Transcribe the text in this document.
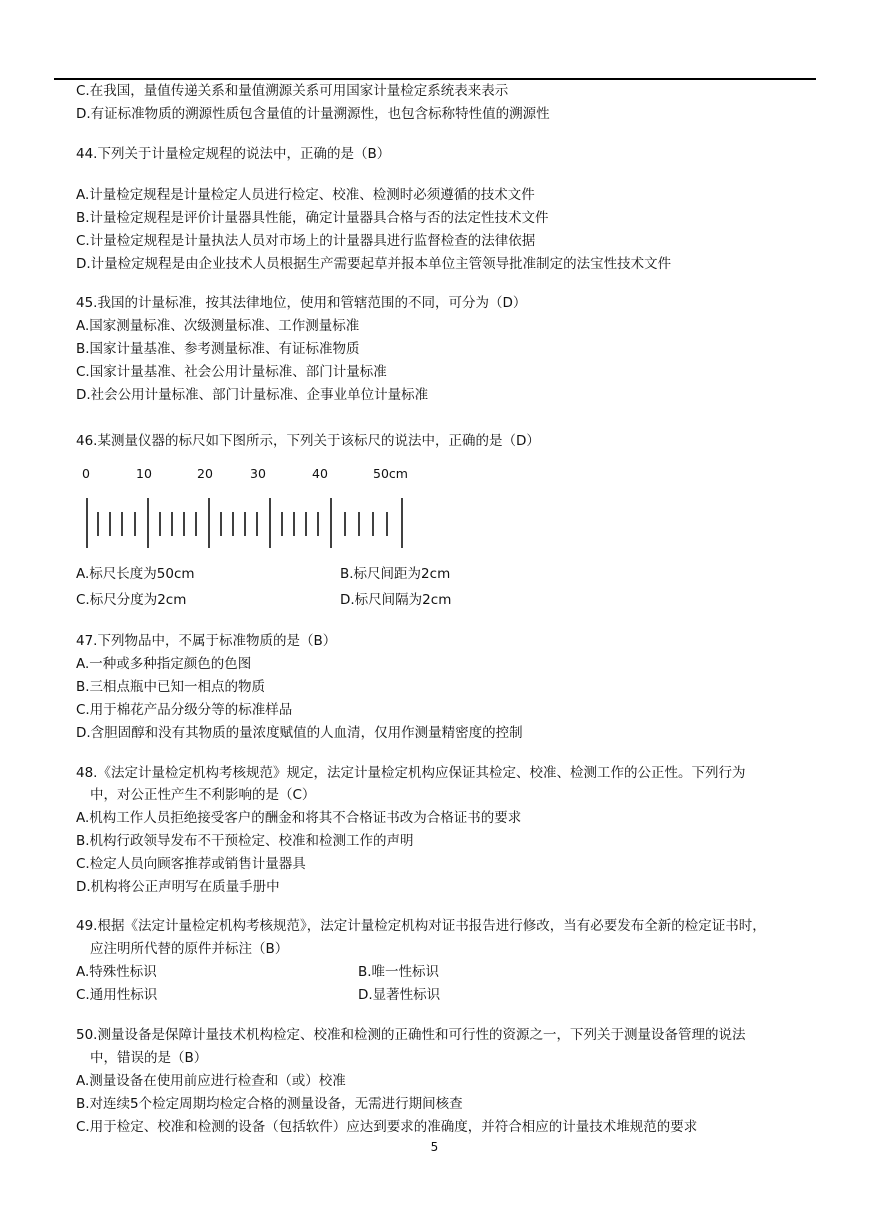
C.在我国，量值传递关系和量值溯源关系可用国家计量检定系统表来表示
D.有证标准物质的溯源性质包含量值的计量溯源性，也包含标称特性值的溯源性
44.下列关于计量检定规程的说法中，正确的是（B）
A.计量检定规程是计量检定人员进行检定、校准、检测时必须遵循的技术文件
B.计量检定规程是评价计量器具性能，确定计量器具合格与否的法定性技术文件
C.计量检定规程是计量执法人员对市场上的计量器具进行监督检查的法律依据
D.计量检定规程是由企业技术人员根据生产需要起草并报本单位主管领导批准制定的法宝性技术文件
45.我国的计量标准，按其法律地位，使用和管辖范围的不同，可分为（D）
A.国家测量标准、次级测量标准、工作测量标准
B.国家计量基准、参考测量标准、有证标准物质
C.国家计量基准、社会公用计量标准、部门计量标准
D.社会公用计量标准、部门计量标准、企事业单位计量标准
46.某测量仪器的标尺如下图所示，下列关于该标尺的说法中，正确的是（D）
0	10	20	30	40	50cm
A.标尺长度为50cm	B.标尺间距为2cm
C.标尺分度为2cm	D.标尺间隔为2cm
47.下列物品中，不属于标准物质的是（B）
A.一种或多种指定颜色的色图
B.三相点瓶中已知一相点的物质
C.用于棉花产品分级分等的标准样品
D.含胆固醇和没有其物质的量浓度赋值的人血清，仅用作测量精密度的控制
48.《法定计量检定机构考核规范》规定，法定计量检定机构应保证其检定、校准、检测工作的公正性。下列行为
中，对公正性产生不利影响的是（C）
A.机构工作人员拒绝接受客户的酬金和将其不合格证书改为合格证书的要求
B.机构行政领导发布不干预检定、校准和检测工作的声明
C.检定人员向顾客推荐或销售计量器具
D.机构将公正声明写在质量手册中
49.根据《法定计量检定机构考核规范》，法定计量检定机构对证书报告进行修改，当有必要发布全新的检定证书时，
应注明所代替的原件并标注（B）
A.特殊性标识	B.唯一性标识
C.通用性标识	D.显著性标识
50.测量设备是保障计量技术机构检定、校准和检测的正确性和可行性的资源之一，下列关于测量设备管理的说法
中，错误的是（B）
A.测量设备在使用前应进行检查和（或）校准
B.对连续5个检定周期均检定合格的测量设备，无需进行期间核查
C.用于检定、校准和检测的设备（包括软件）应达到要求的准确度，并符合相应的计量技术堆规范的要求
5
